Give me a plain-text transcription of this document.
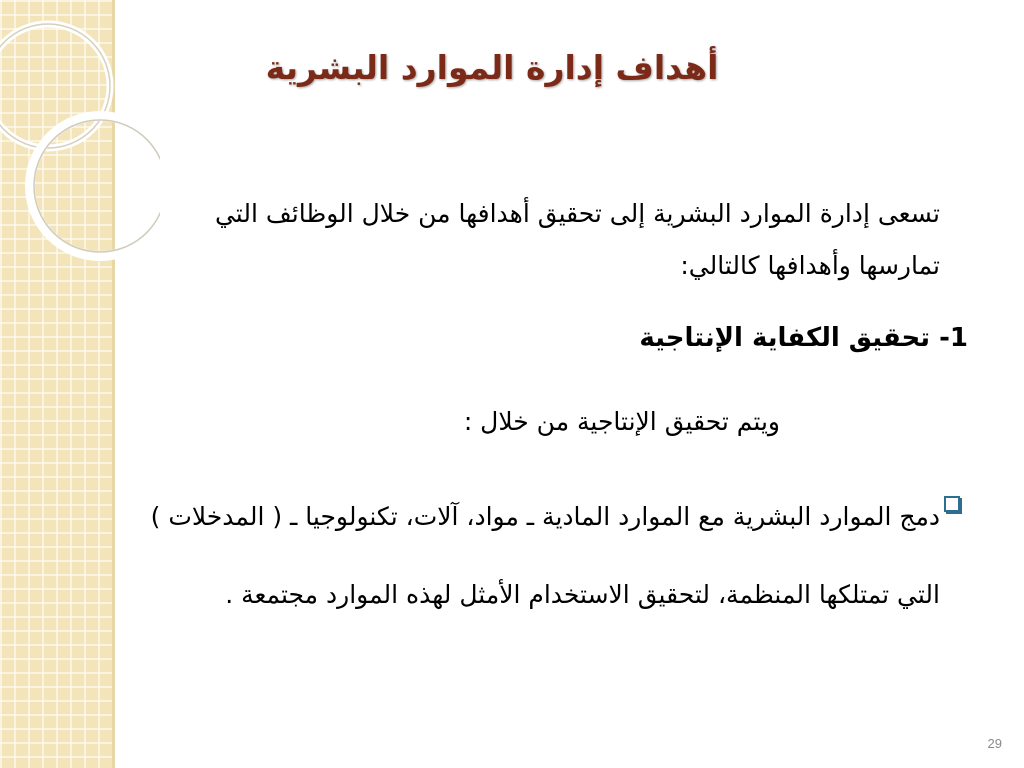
أهداف إدارة الموارد البشرية

تسعى إدارة الموارد البشرية إلى تحقيق أهدافها من خلال الوظائف التي تمارسها وأهدافها كالتالي:

1- تحقيق الكفاية الإنتاجية

ويتم تحقيق الإنتاجية من خلال :

دمج الموارد البشرية مع الموارد المادية ـ مواد، آلات، تكنولوجيا ـ ( المدخلات ) التي تمتلكها المنظمة، لتحقيق الاستخدام الأمثل لهذه الموارد مجتمعة .

29
